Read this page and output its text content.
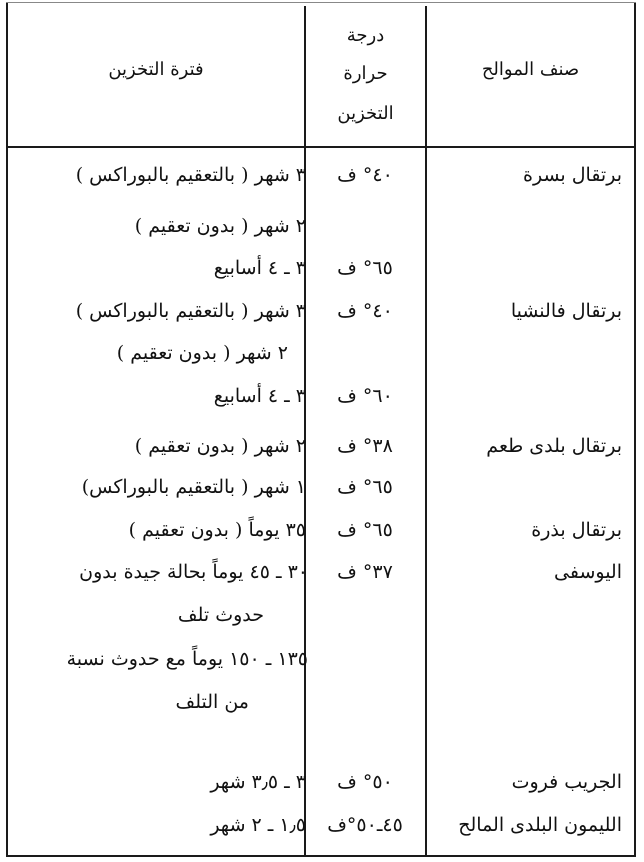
صنف الموالح
درجة
حرارة
التخزين
فترة التخزين
برتقال بسرة
٤٠° ف
٣ شهر ( بالتعقيم بالبوراكس )
٢ شهر ( بدون تعقيم )
٦٥° ف
٣ ـ ٤ أسابيع
برتقال فالنشيا
٤٠° ف
٣ شهر ( بالتعقيم بالبوراكس )
٢ شهر ( بدون تعقيم )
٦٠° ف
٣ ـ ٤ أسابيع
برتقال بلدى طعم
٣٨° ف
٢ شهر ( بدون تعقيم )
٦٥° ف
١ شهر ( بالتعقيم بالبوراكس)
برتقال بذرة
٦٥° ف
٣٥ يوماً ( بدون تعقيم )
اليوسفى
٣٧° ف
٣٠ ـ ٤٥ يوماً بحالة جيدة بدون
حدوث تلف
١٣٥ ـ ١٥٠ يوماً مع حدوث نسبة
من التلف
الجريب فروت
٥٠° ف
٣ ـ ٣٫٥ شهر
الليمون البلدى المالح
٤٥ـ٥٠°ف
١٫٥ ـ ٢ شهر
